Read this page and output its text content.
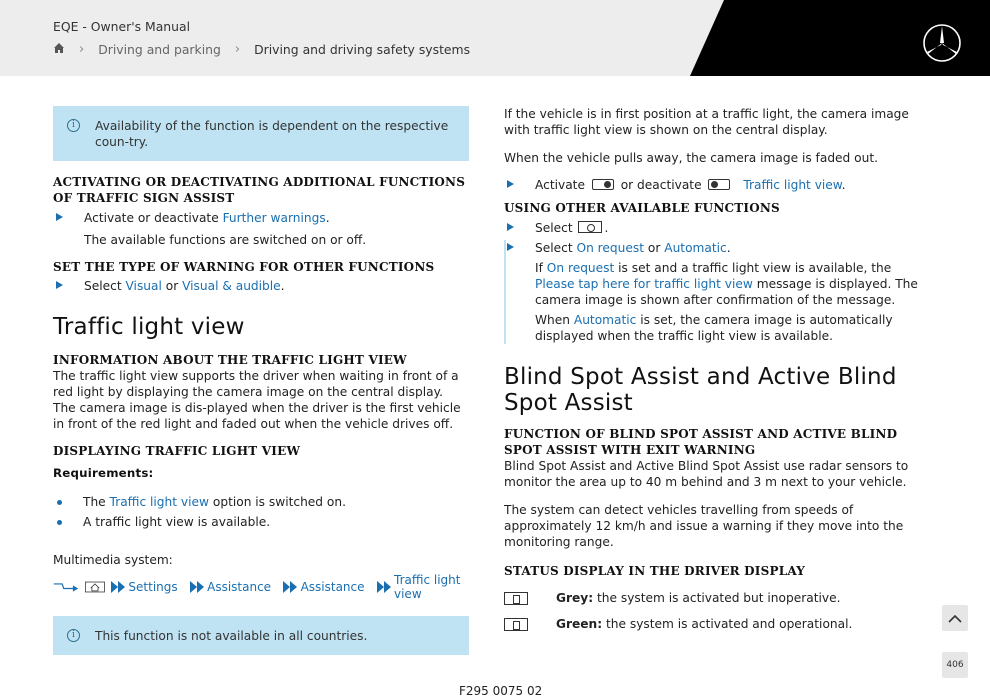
EQE - Owner's Manual
› Driving and parking › Driving and driving safety systems
i	Availability of the function is dependent on the respective coun-try.
ACTIVATING OR DEACTIVATING ADDITIONAL FUNCTIONS OF TRAFFIC SIGN ASSIST
Activate or deactivate Further warnings.
The available functions are switched on or off.
SET THE TYPE OF WARNING FOR OTHER FUNCTIONS
Select Visual or Visual & audible.
Traffic light view
INFORMATION ABOUT THE TRAFFIC LIGHT VIEW

The traffic light view supports the driver when waiting in front of a red light by displaying the camera image on the central display. The camera image is dis-played when the driver is the first vehicle in front of the red light and faded out when the vehicle drives off.

DISPLAYING TRAFFIC LIGHT VIEW
Requirements:
The Traffic light view option is switched on.
A traffic light view is available.
Multimedia system:
Settings Assistance Assistance Traffic light view
i	This function is not available in all countries.

If the vehicle is in first position at a traffic light, the camera image with traffic light view is shown on the central display.

When the vehicle pulls away, the camera image is faded out.

Activate	or deactivate	Traffic light view.
USING OTHER AVAILABLE FUNCTIONS
Select	.
Select On request or Automatic.

If On request is set and a traffic light view is available, the Please tap here for traffic light view message is displayed. The camera image is shown after confirmation of the message.

When Automatic is set, the camera image is automatically displayed when the traffic light view is available.

Blind Spot Assist and Active Blind Spot Assist
FUNCTION OF BLIND SPOT ASSIST AND ACTIVE BLIND SPOT ASSIST WITH EXIT WARNING

Blind Spot Assist and Active Blind Spot Assist use radar sensors to monitor the area up to 40 m behind and 3 m next to your vehicle.

The system can detect vehicles travelling from speeds of approximately 12 km/h and issue a warning if they move into the monitoring range.

STATUS DISPLAY IN THE DRIVER DISPLAY
Grey: the system is activated but inoperative.
Green: the system is activated and operational.
406
F295 0075 02
